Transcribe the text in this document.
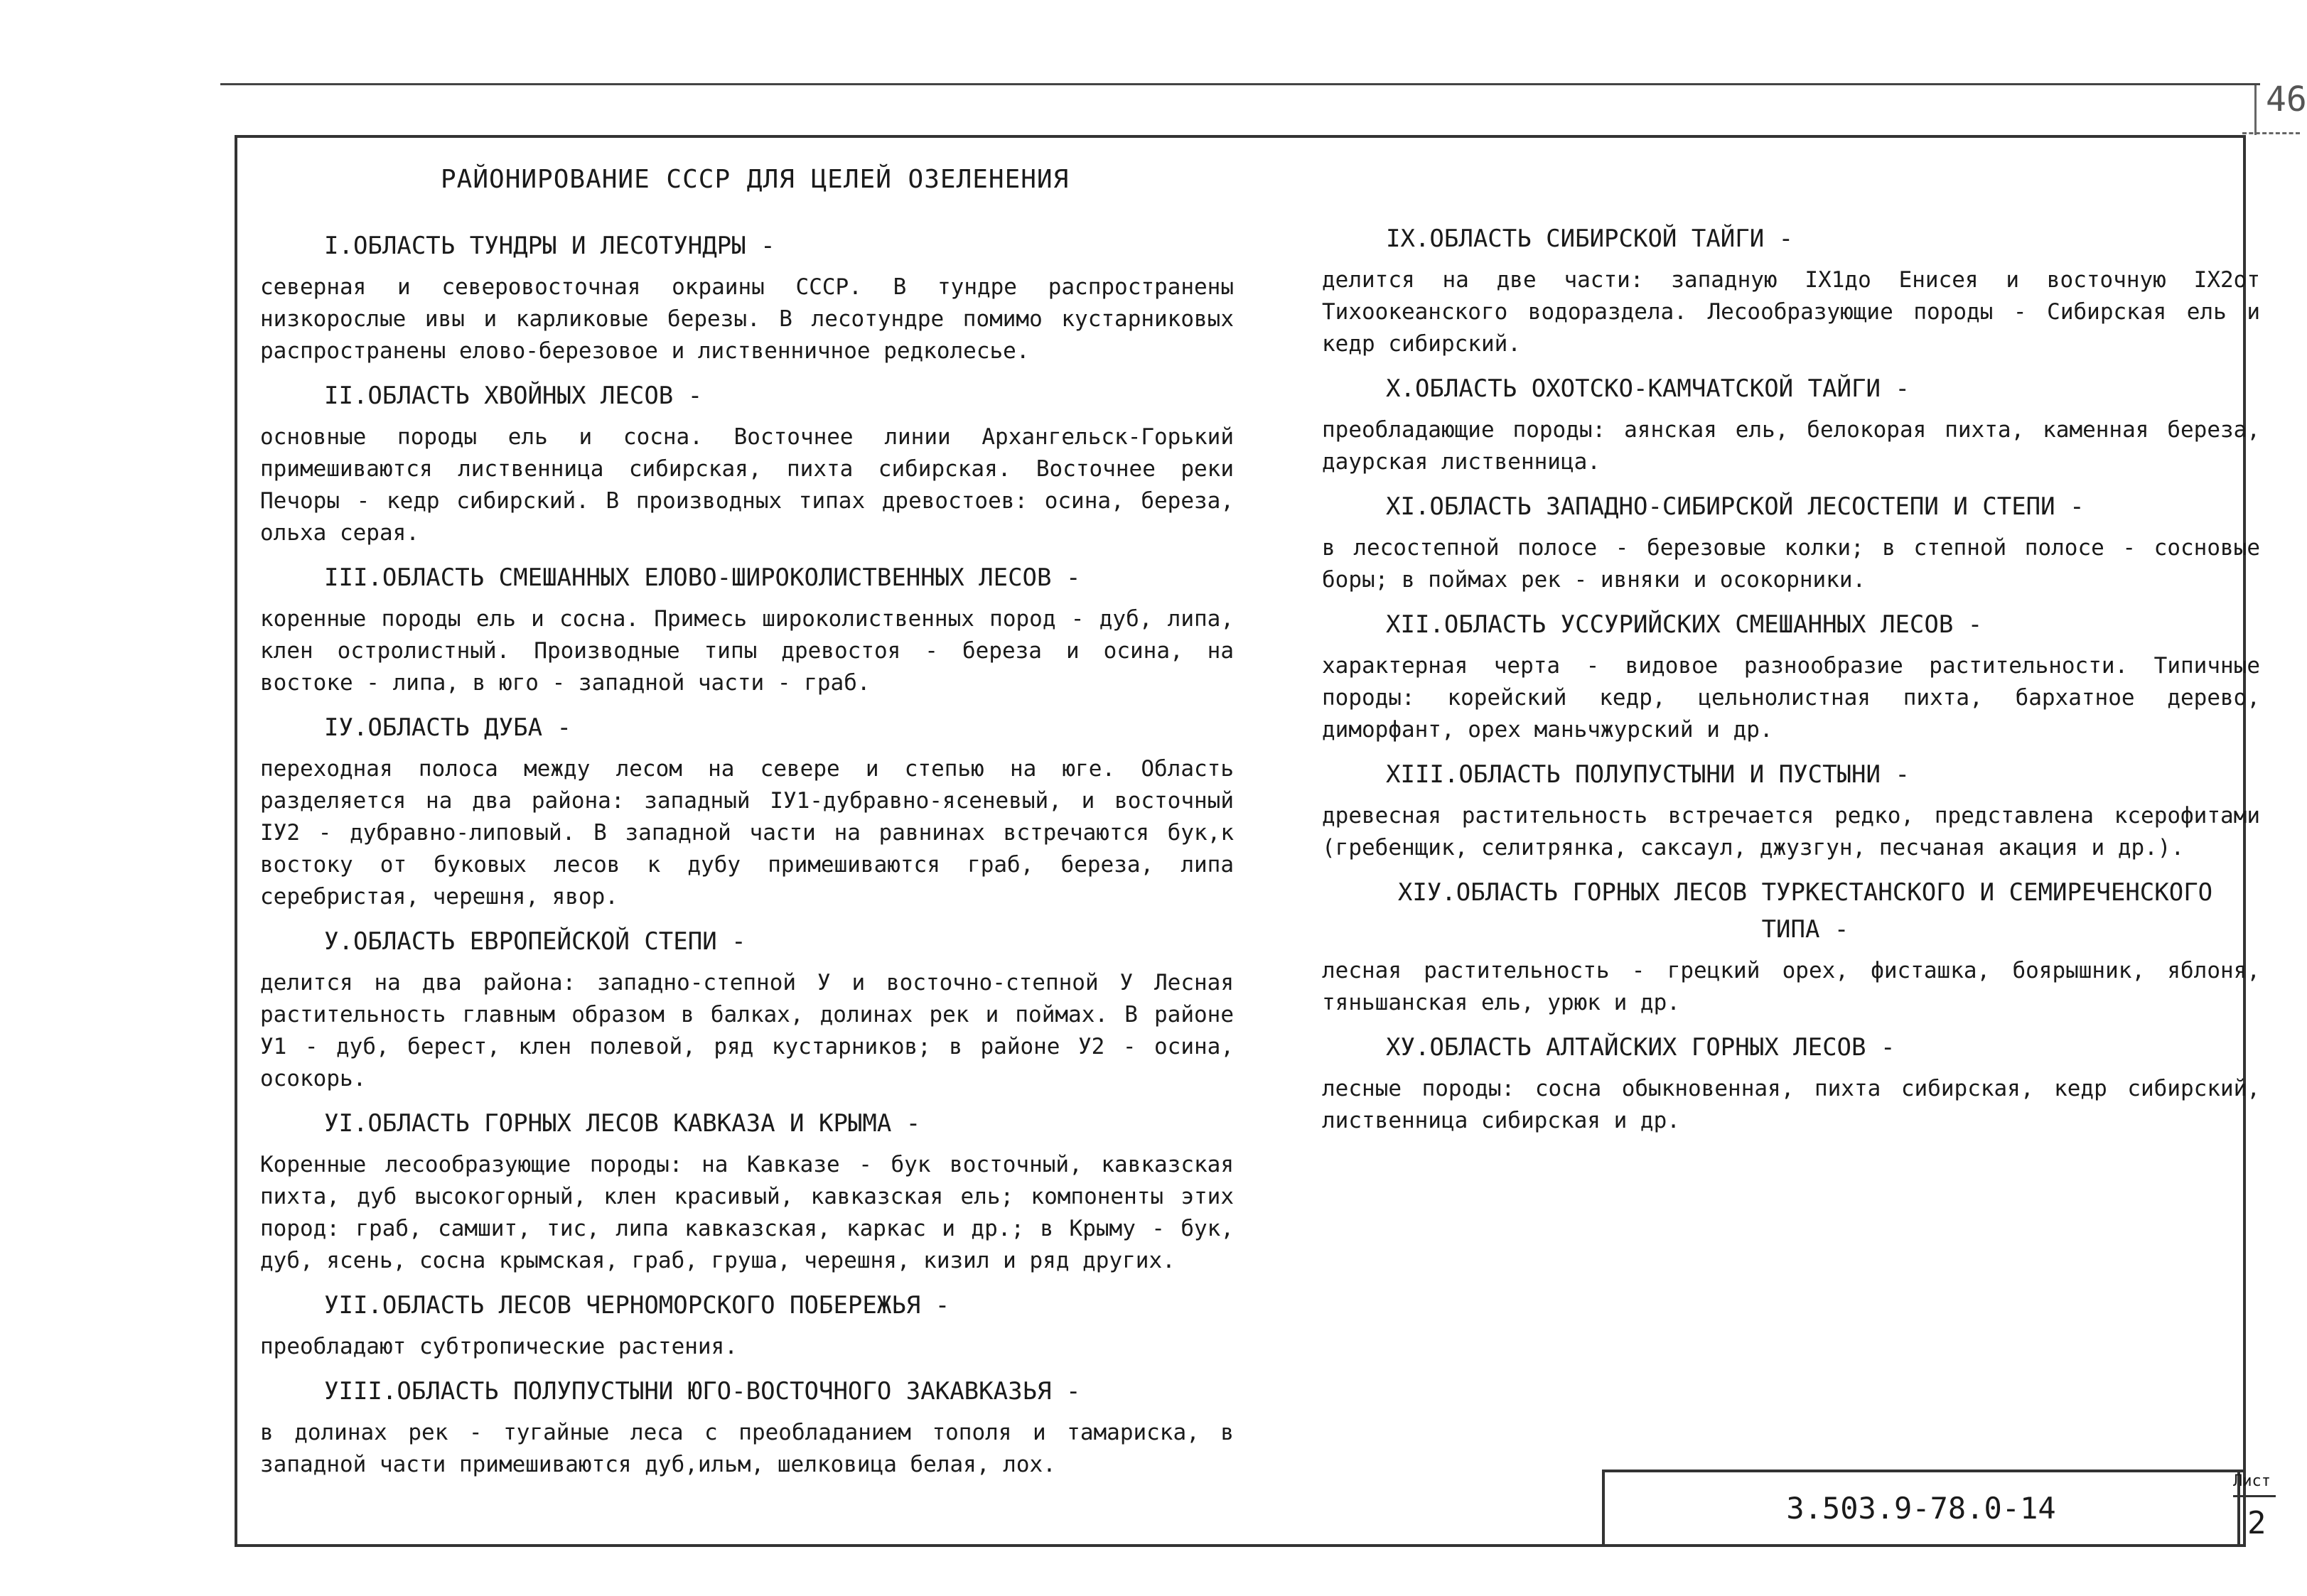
46
РАЙОНИРОВАНИЕ СССР ДЛЯ ЦЕЛЕЙ ОЗЕЛЕНЕНИЯ

I.ОБЛАСТЬ ТУНДРЫ И ЛЕСОТУНДРЫ -

северная и северовосточная окраины СССР. В тундре распространены низкорослые ивы и карликовые березы. В лесотундре помимо кустарниковых распространены елово-березовое и лиственничное редколесье.

II.ОБЛАСТЬ ХВОЙНЫХ ЛЕСОВ -

основные породы ель и сосна. Восточнее линии Архангельск-Горький примешиваются лиственница сибирская, пихта сибирская. Восточнее реки Печоры - кедр сибирский. В производных типах древостоев: осина, береза, ольха серая.

III.ОБЛАСТЬ СМЕШАННЫХ ЕЛОВО-ШИРОКОЛИСТВЕННЫХ ЛЕСОВ -

коренные породы ель и сосна. Примесь широколиственных пород - дуб, липа, клен остролистный. Производные типы древостоя - береза и осина, на востоке - липа, в юго - западной части - граб.

IУ.ОБЛАСТЬ ДУБА -

переходная полоса между лесом на севере и степью на юге. Область разделяется на два района: западный IУ1-дубравно-ясеневый, и восточный IУ2 - дубравно-липовый. В западной части на равнинах встречаются бук,к востоку от буковых лесов к дубу примешиваются граб, береза, липа серебристая, черешня, явор.

У.ОБЛАСТЬ ЕВРОПЕЙСКОЙ СТЕПИ -

делится на два района: западно-степной У и восточно-степной У Лесная растительность главным образом в балках, долинах рек и поймах. В районе У1 - дуб, берест, клен полевой, ряд кустарников; в районе У2 - осина, осокорь.

УI.ОБЛАСТЬ ГОРНЫХ ЛЕСОВ КАВКАЗА И КРЫМА -

Коренные лесообразующие породы: на Кавказе - бук восточный, кавказская пихта, дуб высокогорный, клен красивый, кавказская ель; компоненты этих пород: граб, самшит, тис, липа кавказская, каркас и др.; в Крыму - бук, дуб, ясень, сосна крымская, граб, груша, черешня, кизил и ряд других.

УII.ОБЛАСТЬ ЛЕСОВ ЧЕРНОМОРСКОГО ПОБЕРЕЖЬЯ -

преобладают субтропические растения.

УIII.ОБЛАСТЬ ПОЛУПУСТЫНИ ЮГО-ВОСТОЧНОГО ЗАКАВКАЗЬЯ -

в долинах рек - тугайные леса с преобладанием тополя и тамариска, в западной части примешиваются дуб,ильм, шелковица белая, лох.

IX.ОБЛАСТЬ СИБИРСКОЙ ТАЙГИ -

делится на две части: западную IX1до Енисея и восточную IX2от Тихоокеанского водораздела. Лесообразующие породы - Сибирская ель и кедр сибирский.

X.ОБЛАСТЬ ОХОТСКО-КАМЧАТСКОЙ ТАЙГИ -

преобладающие породы: аянская ель, белокорая пихта, каменная береза, даурская лиственница.

XI.ОБЛАСТЬ ЗАПАДНО-СИБИРСКОЙ ЛЕСОСТЕПИ И СТЕПИ -

в лесостепной полосе - березовые колки; в степной полосе - сосновые боры; в поймах рек - ивняки и осокорники.

XII.ОБЛАСТЬ УССУРИЙСКИХ СМЕШАННЫХ ЛЕСОВ -

характерная черта - видовое разнообразие растительности. Типичные породы: корейский кедр, цельнолистная пихта, бархатное дерево, диморфант, орех маньчжурский и др.

XIII.ОБЛАСТЬ ПОЛУПУСТЫНИ И ПУСТЫНИ -

древесная растительность встречается редко, представлена ксерофитами (гребенщик, селитрянка, саксаул, джузгун, песчаная акация и др.).

XIУ.ОБЛАСТЬ ГОРНЫХ ЛЕСОВ ТУРКЕСТАНСКОГО И СЕМИРЕЧЕНСКОГО ТИПА -

лесная растительность - грецкий орех, фисташка, боярышник, яблоня, тяньшанская ель, урюк и др.

XУ.ОБЛАСТЬ АЛТАЙСКИХ ГОРНЫХ ЛЕСОВ -

лесные породы: сосна обыкновенная, пихта сибирская, кедр сибирский, лиственница сибирская и др.

3.503.9-78.0-14
Лист
2
